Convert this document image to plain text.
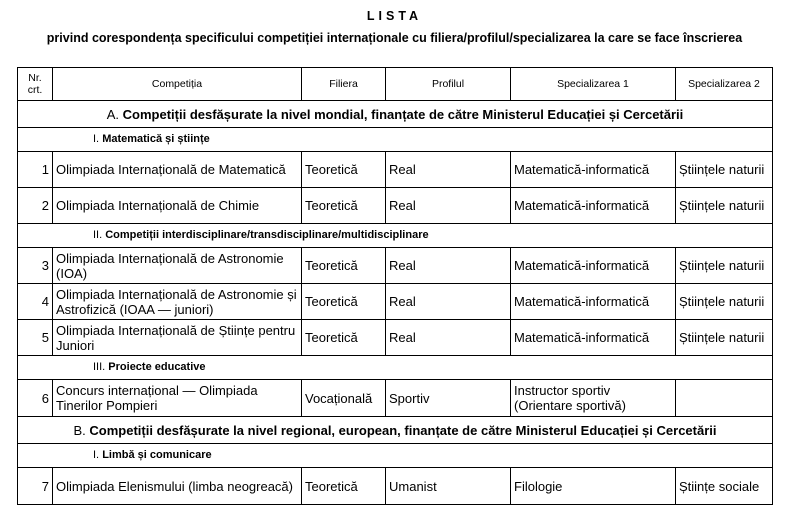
LISTA
privind corespondența specificului competiției internaționale cu filiera/profilul/specializarea la care se face înscrierea
Nr.
crt.	Competiția	Filiera	Profilul	Specializarea 1	Specializarea 2
A. Competiții desfășurate la nivel mondial, finanțate de către Ministerul Educației și Cercetării					
I. Matematică și științe					
1	Olimpiada Internațională de Matematică	Teoretică	Real	Matematică-informatică	Științele naturii
2	Olimpiada Internațională de Chimie	Teoretică	Real	Matematică-informatică	Științele naturii
II. Competiții interdisciplinare/transdisciplinare/multidisciplinare					
3	Olimpiada Internațională de Astronomie (IOA)	Teoretică	Real	Matematică-informatică	Științele naturii
4	Olimpiada Internațională de Astronomie și Astrofizică (IOAA — juniori)	Teoretică	Real	Matematică-informatică	Științele naturii
5	Olimpiada Internațională de Științe pentru Juniori	Teoretică	Real	Matematică-informatică	Științele naturii
III. Proiecte educative					
6	Concurs internațional — Olimpiada Tinerilor Pompieri	Vocațională	Sportiv	Instructor sportiv (Orientare sportivă)	
B. Competiții desfășurate la nivel regional, european, finanțate de către Ministerul Educației și Cercetării					
I. Limbă și comunicare					
7	Olimpiada Elenismului (limba neogreacă)	Teoretică	Umanist	Filologie	Științe sociale
